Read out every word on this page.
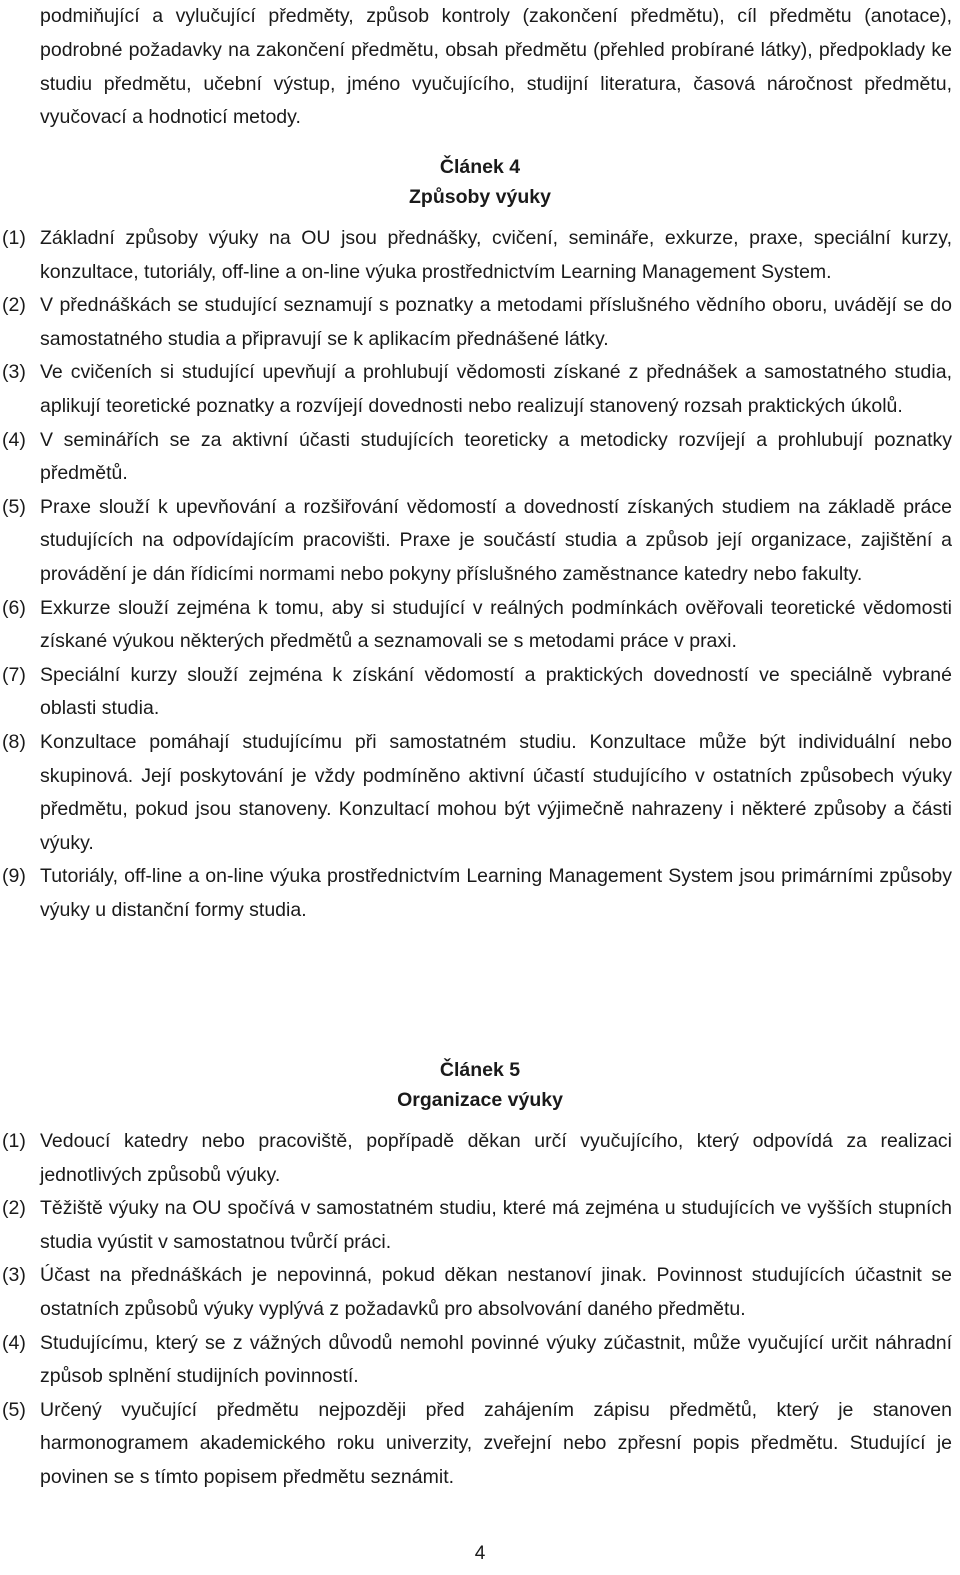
podmiňující a vylučující předměty, způsob kontroly (zakončení předmětu), cíl předmětu (anotace), podrobné požadavky na zakončení předmětu, obsah předmětu (přehled probírané látky), předpoklady ke studiu předmětu, učební výstup, jméno vyučujícího, studijní literatura, časová náročnost předmětu, vyučovací a hodnoticí metody.
Článek 4
Způsoby výuky
(1) Základní způsoby výuky na OU jsou přednášky, cvičení, semináře, exkurze, praxe, speciální kurzy, konzultace, tutoriály, off-line a on-line výuka prostřednictvím Learning Management System.
(2) V přednáškách se studující seznamují s poznatky a metodami příslušného vědního oboru, uvádějí se do samostatného studia a připravují se k aplikacím přednášené látky.
(3) Ve cvičeních si studující upevňují a prohlubují vědomosti získané z přednášek a samostatného studia, aplikují teoretické poznatky a rozvíjejí dovednosti nebo realizují stanovený rozsah praktických úkolů.
(4) V seminářích se za aktivní účasti studujících teoreticky a metodicky rozvíjejí a prohlubují poznatky předmětů.
(5) Praxe slouží k upevňování a rozšiřování vědomostí a dovedností získaných studiem na základě práce studujících na odpovídajícím pracovišti. Praxe je součástí studia a způsob její organizace, zajištění a provádění je dán řídicími normami nebo pokyny příslušného zaměstnance katedry nebo fakulty.
(6) Exkurze slouží zejména k tomu, aby si studující v reálných podmínkách ověřovali teoretické vědomosti získané výukou některých předmětů a seznamovali se s metodami práce v praxi.
(7) Speciální kurzy slouží zejména k získání vědomostí a praktických dovedností ve speciálně vybrané oblasti studia.
(8) Konzultace pomáhají studujícímu při samostatném studiu. Konzultace může být individuální nebo skupinová. Její poskytování je vždy podmíněno aktivní účastí studujícího v ostatních způsobech výuky předmětu, pokud jsou stanoveny. Konzultací mohou být výjimečně nahrazeny i některé způsoby a části výuky.
(9) Tutoriály, off-line a on-line výuka prostřednictvím Learning Management System jsou primárními způsoby výuky u distanční formy studia.
Článek 5
Organizace výuky
(1) Vedoucí katedry nebo pracoviště, popřípadě děkan určí vyučujícího, který odpovídá za realizaci jednotlivých způsobů výuky.
(2) Těžiště výuky na OU spočívá v samostatném studiu, které má zejména u studujících ve vyšších stupních studia vyústit v samostatnou tvůrčí práci.
(3) Účast na přednáškách je nepovinná, pokud děkan nestanoví jinak. Povinnost studujících účastnit se ostatních způsobů výuky vyplývá z požadavků pro absolvování daného předmětu.
(4) Studujícímu, který se z vážných důvodů nemohl povinné výuky zúčastnit, může vyučující určit náhradní způsob splnění studijních povinností.
(5) Určený vyučující předmětu nejpozději před zahájením zápisu předmětů, který je stanoven harmonogramem akademického roku univerzity, zveřejní nebo zpřesní popis předmětu. Studující je povinen se s tímto popisem předmětu seznámit.
4
